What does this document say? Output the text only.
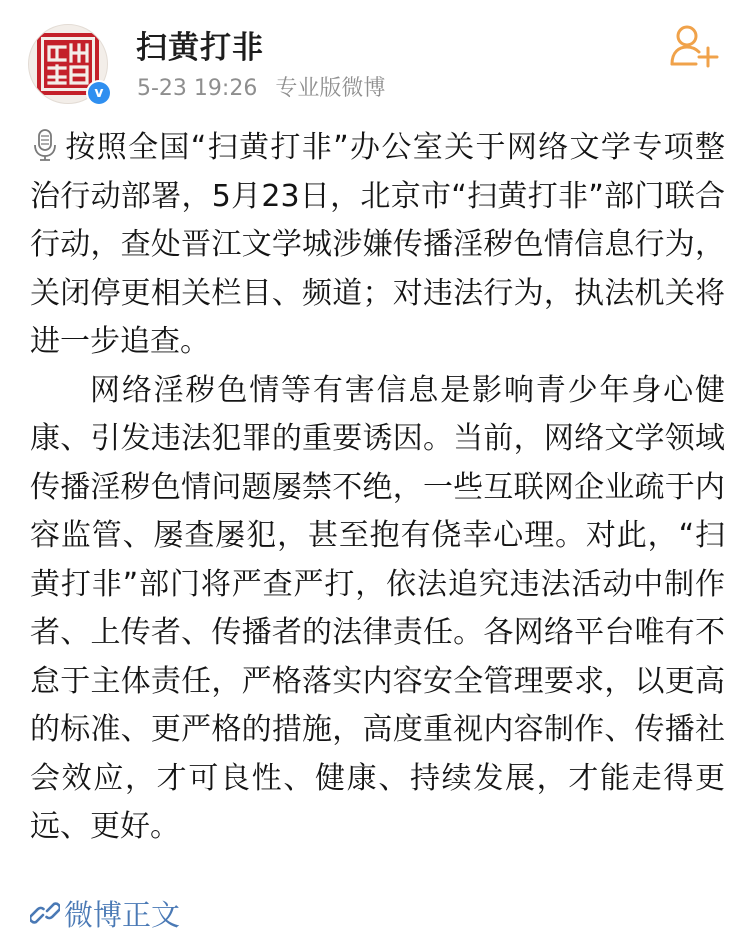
v
扫黄打非
5-23 19:26 专业版微博

按照全国“扫黄打非”办公室关于网络文学专项整治行动部署，5月23日，北京市“扫黄打非”部门联合行动，查处晋江文学城涉嫌传播淫秽色情信息行为，关闭停更相关栏目、频道；对违法行为，执法机关将进一步追查。

网络淫秽色情等有害信息是影响青少年身心健康、引发违法犯罪的重要诱因。当前，网络文学领域传播淫秽色情问题屡禁不绝，一些互联网企业疏于内容监管、屡查屡犯，甚至抱有侥幸心理。对此，“扫黄打非”部门将严查严打，依法追究违法活动中制作者、上传者、传播者的法律责任。各网络平台唯有不怠于主体责任，严格落实内容安全管理要求，以更高的标准、更严格的措施，高度重视内容制作、传播社会效应，才可良性、健康、持续发展，才能走得更远、更好。

微博正文
